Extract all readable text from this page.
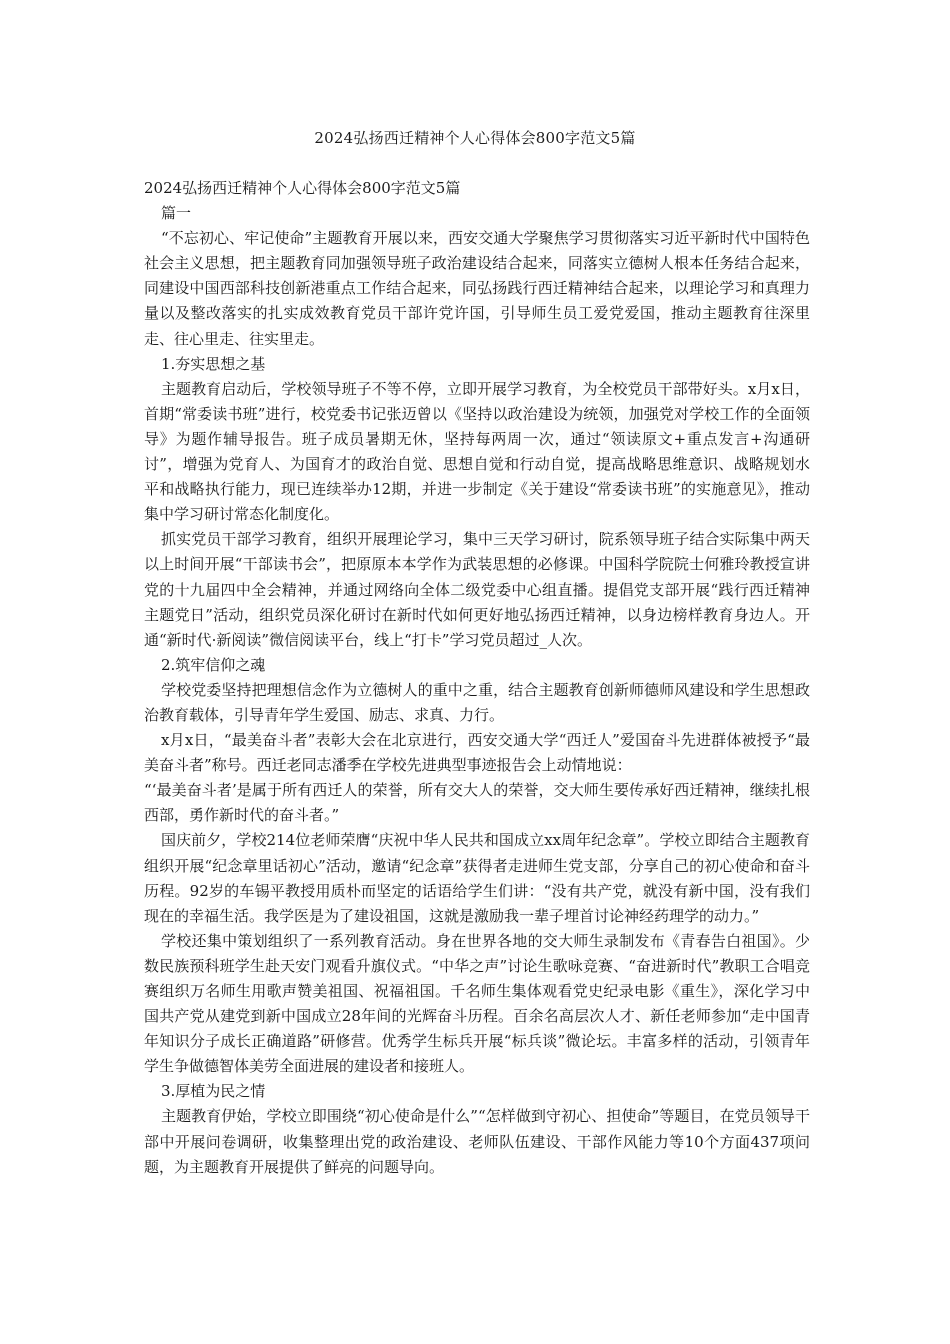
2024弘扬西迁精神个人心得体会800字范文5篇

2024弘扬西迁精神个人心得体会800字范文5篇

篇一

“不忘初心、牢记使命”主题教育开展以来，西安交通大学聚焦学习贯彻落实习近平新时代中国特色社会主义思想，把主题教育同加强领导班子政治建设结合起来，同落实立德树人根本任务结合起来，同建设中国西部科技创新港重点工作结合起来，同弘扬践行西迁精神结合起来，以理论学习和真理力量以及整改落实的扎实成效教育党员干部许党许国，引导师生员工爱党爱国，推动主题教育往深里走、往心里走、往实里走。

1.夯实思想之基

主题教育启动后，学校领导班子不等不停，立即开展学习教育，为全校党员干部带好头。x月x日，首期“常委读书班”进行，校党委书记张迈曾以《坚持以政治建设为统领，加强党对学校工作的全面领导》为题作辅导报告。班子成员暑期无休，坚持每两周一次，通过“领读原文+重点发言+沟通研讨”，增强为党育人、为国育才的政治自觉、思想自觉和行动自觉，提高战略思维意识、战略规划水平和战略执行能力，现已连续举办12期，并进一步制定《关于建设“常委读书班”的实施意见》，推动集中学习研讨常态化制度化。

抓实党员干部学习教育，组织开展理论学习，集中三天学习研讨，院系领导班子结合实际集中两天以上时间开展“干部读书会”，把原原本本学作为武装思想的必修课。中国科学院院士何雅玲教授宣讲党的十九届四中全会精神，并通过网络向全体二级党委中心组直播。提倡党支部开展“践行西迁精神主题党日”活动，组织党员深化研讨在新时代如何更好地弘扬西迁精神，以身边榜样教育身边人。开通“新时代·新阅读”微信阅读平台，线上“打卡”学习党员超过_人次。

2.筑牢信仰之魂

学校党委坚持把理想信念作为立德树人的重中之重，结合主题教育创新师德师风建设和学生思想政治教育载体，引导青年学生爱国、励志、求真、力行。

x月x日，“最美奋斗者”表彰大会在北京进行，西安交通大学“西迁人”爱国奋斗先进群体被授予“最美奋斗者”称号。西迁老同志潘季在学校先进典型事迹报告会上动情地说：

“‘最美奋斗者’是属于所有西迁人的荣誉，所有交大人的荣誉，交大师生要传承好西迁精神，继续扎根西部，勇作新时代的奋斗者。”

国庆前夕，学校214位老师荣膺“庆祝中华人民共和国成立xx周年纪念章”。学校立即结合主题教育组织开展“纪念章里话初心”活动，邀请“纪念章”获得者走进师生党支部，分享自己的初心使命和奋斗历程。92岁的车锡平教授用质朴而坚定的话语给学生们讲：“没有共产党，就没有新中国，没有我们现在的幸福生活。我学医是为了建设祖国，这就是激励我一辈子埋首讨论神经药理学的动力。”

学校还集中策划组织了一系列教育活动。身在世界各地的交大师生录制发布《青春告白祖国》。少数民族预科班学生赴天安门观看升旗仪式。“中华之声”讨论生歌咏竞赛、“奋进新时代”教职工合唱竞赛组织万名师生用歌声赞美祖国、祝福祖国。千名师生集体观看党史纪录电影《重生》，深化学习中国共产党从建党到新中国成立28年间的光辉奋斗历程。百余名高层次人才、新任老师参加“走中国青年知识分子成长正确道路”研修营。优秀学生标兵开展“标兵谈”微论坛。丰富多样的活动，引领青年学生争做德智体美劳全面进展的建设者和接班人。

3.厚植为民之情

主题教育伊始，学校立即围绕“初心使命是什么”“怎样做到守初心、担使命”等题目，在党员领导干部中开展问卷调研，收集整理出党的政治建设、老师队伍建设、干部作风能力等10个方面437项问题，为主题教育开展提供了鲜亮的问题导向。
